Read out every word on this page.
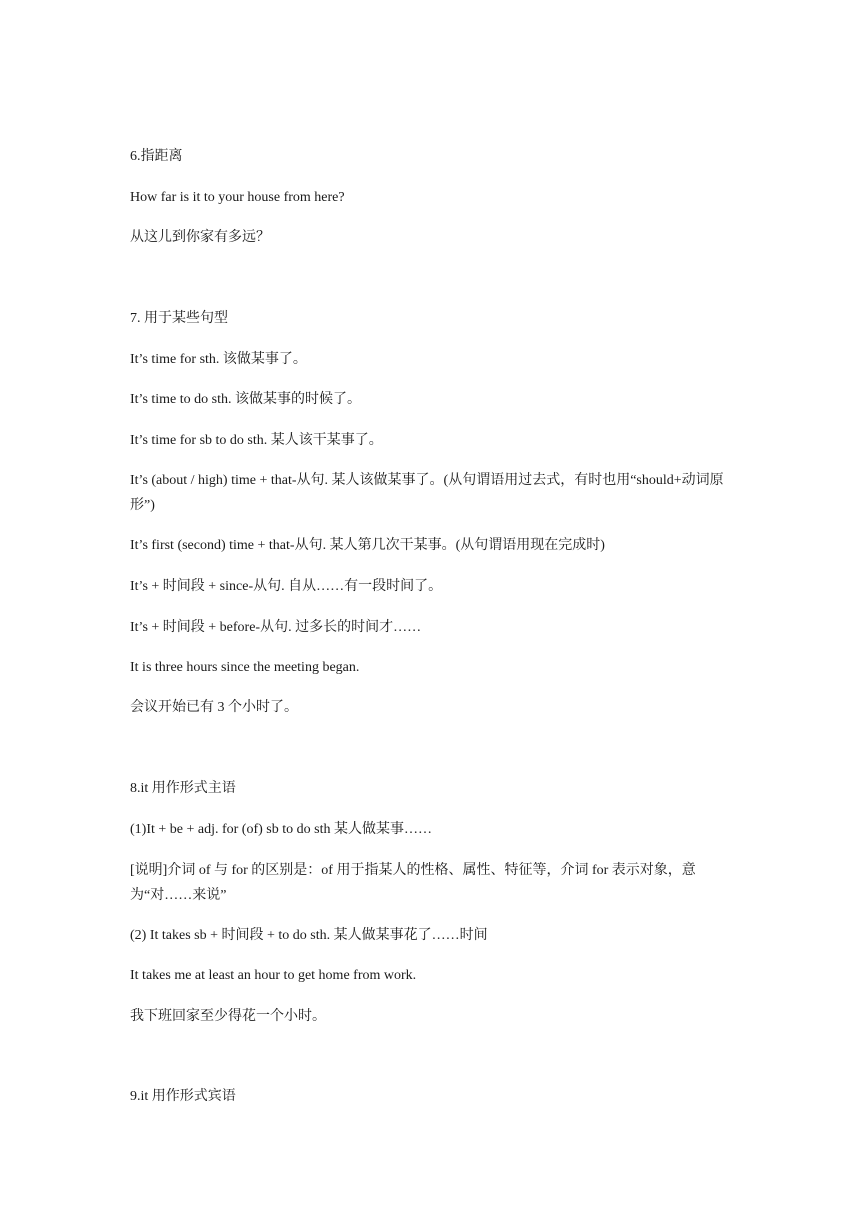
6.指距离
How far is it to your house from here?
从这儿到你家有多远？
7. 用于某些句型
It’s time for sth. 该做某事了。
It’s time to do sth. 该做某事的时候了。
It’s time for sb to do sth. 某人该干某事了。
It’s (about / high) time + that-从句. 某人该做某事了。(从句谓语用过去式，有时也用“should+动词原形”)
It’s first (second) time + that-从句. 某人第几次干某事。(从句谓语用现在完成时)
It’s + 时间段 + since-从句. 自从……有一段时间了。
It’s + 时间段 + before-从句. 过多长的时间才……
It is three hours since the meeting began.
会议开始已有 3 个小时了。
8.it 用作形式主语
(1)It + be + adj. for (of) sb to do sth 某人做某事……
[说明]介词 of 与 for 的区别是：of 用于指某人的性格、属性、特征等，介词 for 表示对象，意为“对……来说”
(2) It takes sb + 时间段 + to do sth. 某人做某事花了……时间
It takes me at least an hour to get home from work.
我下班回家至少得花一个小时。
9.it 用作形式宾语
